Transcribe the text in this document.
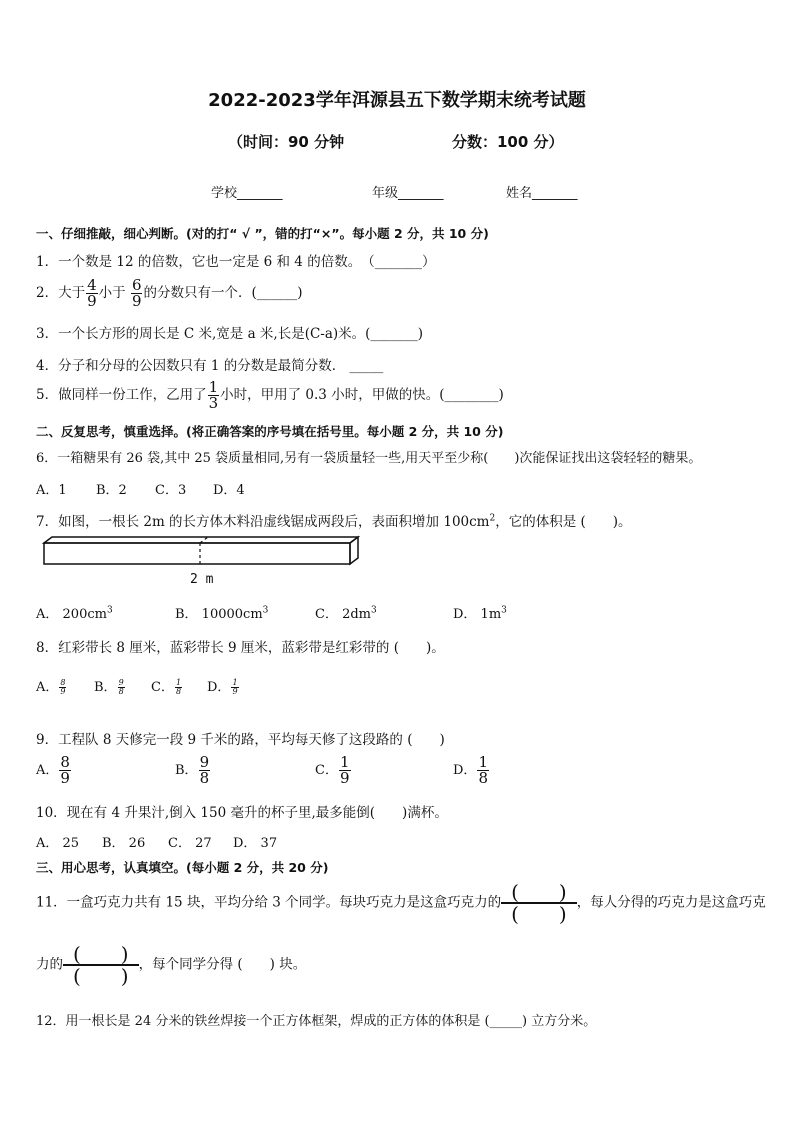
2022-2023学年洱源县五下数学期末统考试题
（时间：90 分钟	分数：100 分）
学校_______	年级_______	姓名_______
一、仔细推敲，细心判断。(对的打“ √ ”，错的打“×”。每小题 2 分，共 10 分)
1．一个数是 12 的倍数，它也一定是 6 和 4 的倍数。　（_______）
2．大于 $\frac{4}{9}$ 小于 $\frac{6}{9}$ 的分数只有一个．(______)
3．一个长方形的周长是 C 米,宽是 a 米,长是(C-a)米。(_______)
4．分子和分母的公因数只有 1 的分数是最简分数． _____
5．做同样一份工作，乙用了 $\frac{1}{3}$ 小时，甲用了 0.3 小时，甲做的快。(________)
二、反复思考，慎重选择。(将正确答案的序号填在括号里。每小题 2 分，共 10 分)
6．一箱糖果有 26 袋,其中 25 袋质量相同,另有一袋质量轻一些,用天平至少称(　　)次能保证找出这袋轻轻的糖果。
A．1 B．2 C．3 D．4
7．如图，一根长 2m 的长方体木料沿虚线锯成两段后，表面积增加 $100cm^2$，它的体积是 (　　)。
2 m
A． $200cm^3$	B． $10000cm^3$	C． $2dm^3$	D． $1m^3$
8．红彩带长 8 厘米，蓝彩带长 9 厘米，蓝彩带是红彩带的 (　　)。
A． $\frac{8}{9}$ B． $\frac{9}{8}$ C． $\frac{1}{8}$ D． $\frac{1}{9}$
9．工程队 8 天修完一段 9 千米的路，平均每天修了这段路的 (　　)
A． $\frac{8}{9}$	B． $\frac{9}{8}$	C． $\frac{1}{9}$	D． $\frac{1}{8}$
10．现在有 4 升果汁,倒入 150 毫升的杯子里,最多能倒(　　)满杯。
A． 25 B． 26 C． 27 D． 37
三、用心思考，认真填空。(每小题 2 分，共 20 分)
11．一盒巧克力共有 15 块，平均分给 3 个同学。每块巧克力是这盒巧克力的 (　　)
(　　) ，每人分得的巧克力是这盒巧克
力的 (　　)
(　　) ，每个同学分得 (　　) 块。
12．用一根长是 24 分米的铁丝焊接一个正方体框架，焊成的正方体的体积是 (_____) 立方分米。
